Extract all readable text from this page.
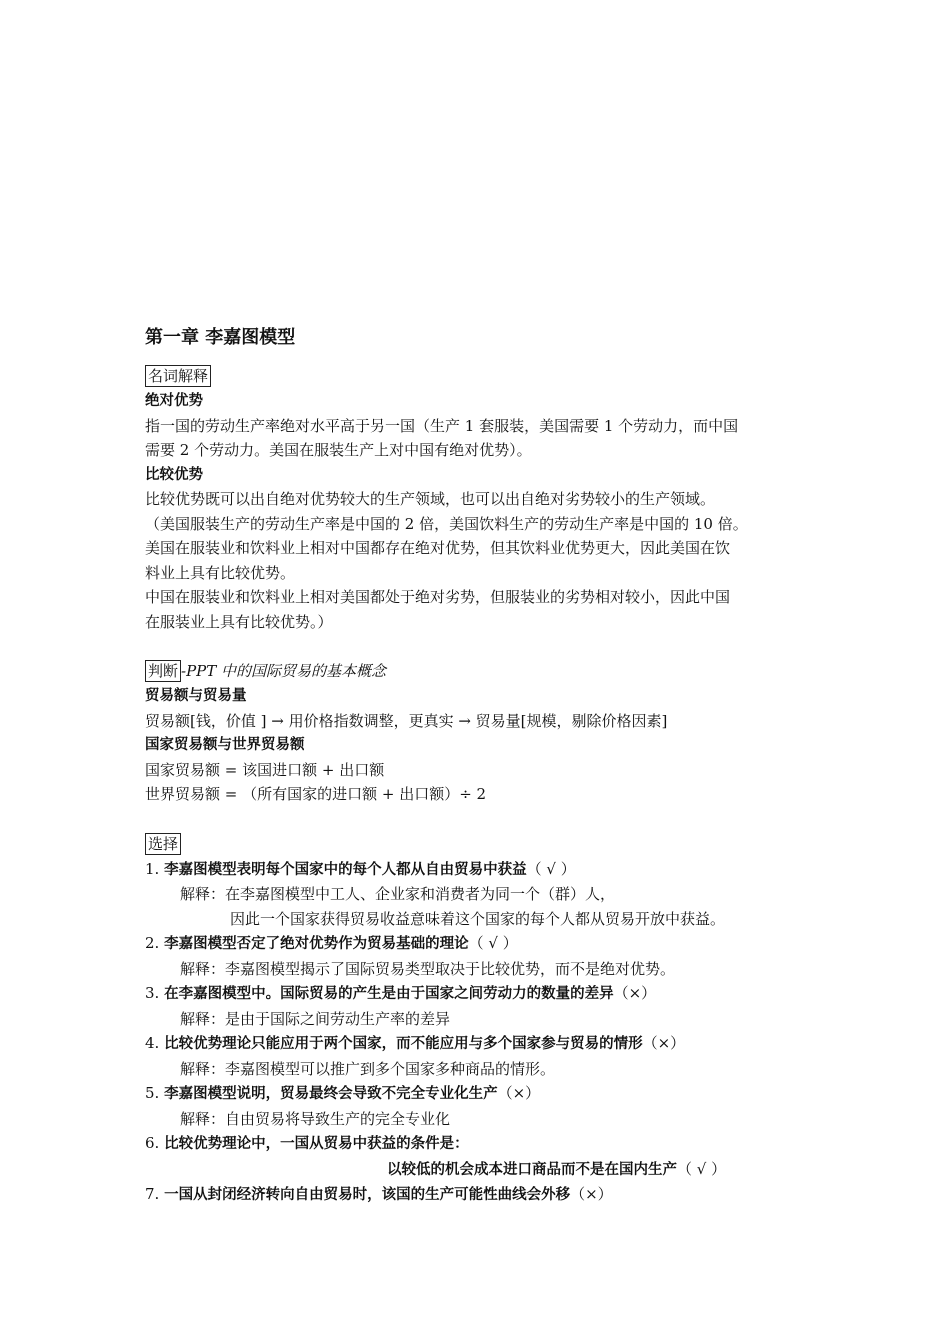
第一章 李嘉图模型
名词解释

绝对优势

指一国的劳动生产率绝对水平高于另一国（生产 1 套服装，美国需要 1 个劳动力，而中国

需要 2 个劳动力。美国在服装生产上对中国有绝对优势）。

比较优势

比较优势既可以出自绝对优势较大的生产领域，也可以出自绝对劣势较小的生产领域。

（美国服装生产的劳动生产率是中国的 2 倍，美国饮料生产的劳动生产率是中国的 10 倍。

美国在服装业和饮料业上相对中国都存在绝对优势，但其饮料业优势更大，因此美国在饮

料业上具有比较优势。

中国在服装业和饮料业上相对美国都处于绝对劣势，但服装业的劣势相对较小，因此中国

在服装业上具有比较优势。）

判断 -PPT 中的国际贸易的基本概念

贸易额与贸易量

贸易额[钱，价值 ] → 用价格指数调整，更真实 → 贸易量[规模，剔除价格因素]

国家贸易额与世界贸易额

国家贸易额 = 该国进口额 + 出口额

世界贸易额 = （所有国家的进口额 + 出口额）÷ 2

选择

1. 李嘉图模型表明每个国家中的每个人都从自由贸易中获益（ √ ）

解释：在李嘉图模型中工人、企业家和消费者为同一个（群）人，

因此一个国家获得贸易收益意味着这个国家的每个人都从贸易开放中获益。

2. 李嘉图模型否定了绝对优势作为贸易基础的理论（ √ ）

解释：李嘉图模型揭示了国际贸易类型取决于比较优势，而不是绝对优势。

3. 在李嘉图模型中。国际贸易的产生是由于国家之间劳动力的数量的差异（×）

解释：是由于国际之间劳动生产率的差异

4. 比较优势理论只能应用于两个国家，而不能应用与多个国家参与贸易的情形（×）

解释：李嘉图模型可以推广到多个国家多种商品的情形。

5. 李嘉图模型说明，贸易最终会导致不完全专业化生产（×）

解释：自由贸易将导致生产的完全专业化

6. 比较优势理论中，一国从贸易中获益的条件是：

以较低的机会成本进口商品而不是在国内生产（ √ ）

7. 一国从封闭经济转向自由贸易时，该国的生产可能性曲线会外移（×）
